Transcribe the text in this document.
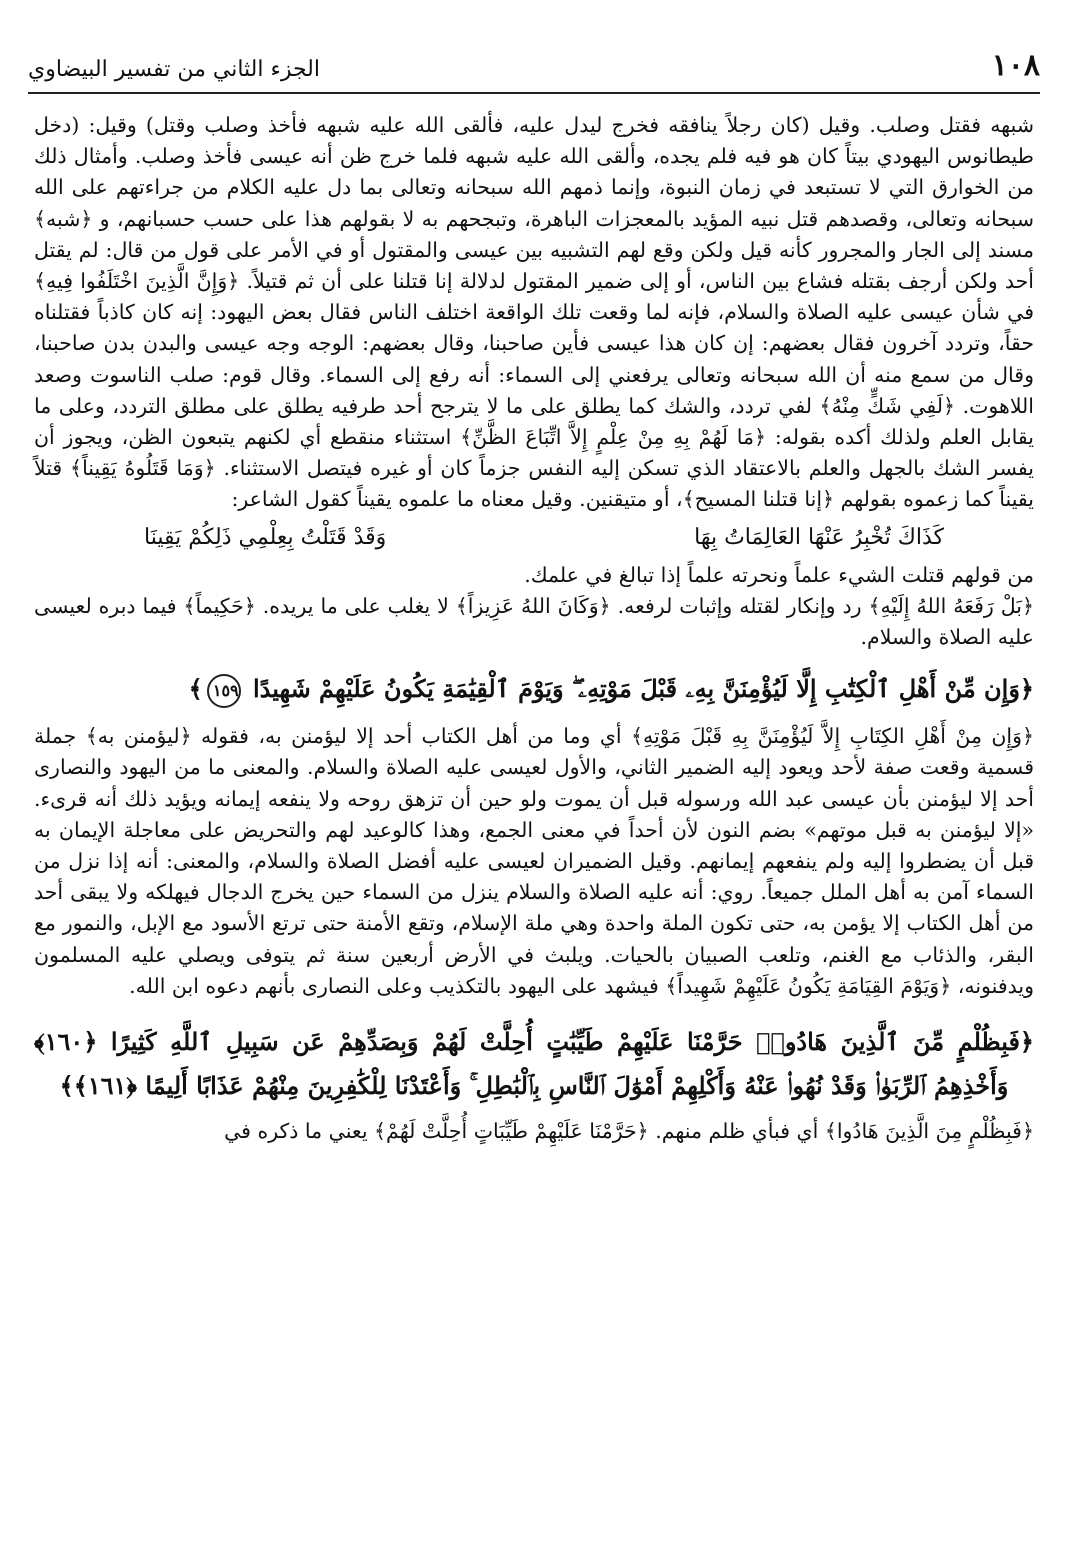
١٠٨
الجزء الثاني من تفسير البيضاوي

شبهه فقتل وصلب. وقيل (كان رجلاً ينافقه فخرج ليدل عليه، فألقى الله عليه شبهه فأخذ وصلب وقتل) وقيل: (دخل طيطانوس اليهودي بيتاً كان هو فيه فلم يجده، وألقى الله عليه شبهه فلما خرج ظن أنه عيسى فأخذ وصلب. وأمثال ذلك من الخوارق التي لا تستبعد في زمان النبوة، وإنما ذمهم الله سبحانه وتعالى بما دل عليه الكلام من جراءتهم على الله سبحانه وتعالى، وقصدهم قتل نبيه المؤيد بالمعجزات الباهرة، وتبجحهم به لا بقولهم هذا على حسب حسبانهم، و ﴿شبه﴾ مسند إلى الجار والمجرور كأنه قيل ولكن وقع لهم التشبيه بين عيسى والمقتول أو في الأمر على قول من قال: لم يقتل أحد ولكن أرجف بقتله فشاع بين الناس، أو إلى ضمير المقتول لدلالة إنا قتلنا على أن ثم قتيلاً. ﴿وَإِنَّ الَّذِينَ اخْتَلَفُوا فِيهِ﴾ في شأن عيسى عليه الصلاة والسلام، فإنه لما وقعت تلك الواقعة اختلف الناس فقال بعض اليهود: إنه كان كاذباً فقتلناه حقاً، وتردد آخرون فقال بعضهم: إن كان هذا عيسى فأين صاحبنا، وقال بعضهم: الوجه وجه عيسى والبدن بدن صاحبنا، وقال من سمع منه أن الله سبحانه وتعالى يرفعني إلى السماء: أنه رفع إلى السماء. وقال قوم: صلب الناسوت وصعد اللاهوت. ﴿لَفِي شَكٍّ مِنْهُ﴾ لفي تردد، والشك كما يطلق على ما لا يترجح أحد طرفيه يطلق على مطلق التردد، وعلى ما يقابل العلم ولذلك أكده بقوله: ﴿مَا لَهُمْ بِهِ مِنْ عِلْمٍ إِلاَّ اتِّبَاعَ الظَّنِّ﴾ استثناء منقطع أي لكنهم يتبعون الظن، ويجوز أن يفسر الشك بالجهل والعلم بالاعتقاد الذي تسكن إليه النفس جزماً كان أو غيره فيتصل الاستثناء. ﴿وَمَا قَتَلُوهُ يَقِيناً﴾ قتلاً يقيناً كما زعموه بقولهم ﴿إنا قتلنا المسيح﴾، أو متيقنين. وقيل معناه ما علموه يقيناً كقول الشاعر:

كَذَاكَ تُخْبِرُ عَنْهَا العَالِمَاتُ بِهَا
وَقَدْ قَتَلْتُ بِعِلْمِي ذَلِكُمْ يَقِينَا

من قولهم قتلت الشيء علماً ونحرته علماً إذا تبالغ في علمك.

﴿بَلْ رَفَعَهُ اللهُ إِلَيْهِ﴾ رد وإنكار لقتله وإثبات لرفعه. ﴿وَكَانَ اللهُ عَزِيزاً﴾ لا يغلب على ما يريده. ﴿حَكِيماً﴾ فيما دبره لعيسى عليه الصلاة والسلام.

﴿وَإِن مِّنْ أَهْلِ ٱلْكِتَٰبِ إِلَّا لَيُؤْمِنَنَّ بِهِۦ قَبْلَ مَوْتِهِۦ ۖ وَيَوْمَ ٱلْقِيَٰمَةِ يَكُونُ عَلَيْهِمْ شَهِيدًا ١٥٩﴾

﴿وَإِن مِنْ أَهْلِ الكِتَابِ إِلاَّ لَيُؤْمِنَنَّ بِهِ قَبْلَ مَوْتِهِ﴾ أي وما من أهل الكتاب أحد إلا ليؤمنن به، فقوله ﴿ليؤمنن به﴾ جملة قسمية وقعت صفة لأحد ويعود إليه الضمير الثاني، والأول لعيسى عليه الصلاة والسلام. والمعنى ما من اليهود والنصارى أحد إلا ليؤمنن بأن عيسى عبد الله ورسوله قبل أن يموت ولو حين أن تزهق روحه ولا ينفعه إيمانه ويؤيد ذلك أنه قرىء. «إلا ليؤمنن به قبل موتهم» بضم النون لأن أحداً في معنى الجمع، وهذا كالوعيد لهم والتحريض على معاجلة الإيمان به قبل أن يضطروا إليه ولم ينفعهم إيمانهم. وقيل الضميران لعيسى عليه أفضل الصلاة والسلام، والمعنى: أنه إذا نزل من السماء آمن به أهل الملل جميعاً. روي: أنه عليه الصلاة والسلام ينزل من السماء حين يخرج الدجال فيهلكه ولا يبقى أحد من أهل الكتاب إلا يؤمن به، حتى تكون الملة واحدة وهي ملة الإسلام، وتقع الأمنة حتى ترتع الأسود مع الإبل، والنمور مع البقر، والذئاب مع الغنم، وتلعب الصبيان بالحيات. ويلبث في الأرض أربعين سنة ثم يتوفى ويصلي عليه المسلمون ويدفنونه، ﴿وَيَوْمَ القِيَامَةِ يَكُونُ عَلَيْهِمْ شَهِيداً﴾ فيشهد على اليهود بالتكذيب وعلى النصارى بأنهم دعوه ابن الله.

﴿فَبِظُلْمٍ مِّنَ ٱلَّذِينَ هَادُوا۟ حَرَّمْنَا عَلَيْهِمْ طَيِّبَٰتٍ أُحِلَّتْ لَهُمْ وَبِصَدِّهِمْ عَن سَبِيلِ ٱللَّهِ كَثِيرًا ﴿١٦٠﴾ وَأَخْذِهِمُ ٱلرِّبَوٰا۟ وَقَدْ نُهُوا۟ عَنْهُ وَأَكْلِهِمْ أَمْوَٰلَ ٱلنَّاسِ بِٱلْبَٰطِلِ ۚ وَأَعْتَدْنَا لِلْكَٰفِرِينَ مِنْهُمْ عَذَابًا أَلِيمًا ﴿١٦١﴾﴾

﴿فَبِظُلْمٍ مِنَ الَّذِينَ هَادُوا﴾ أي فبأي ظلم منهم. ﴿حَرَّمْنَا عَلَيْهِمْ طَيِّبَاتٍ أُحِلَّتْ لَهُمْ﴾ يعني ما ذكره في
